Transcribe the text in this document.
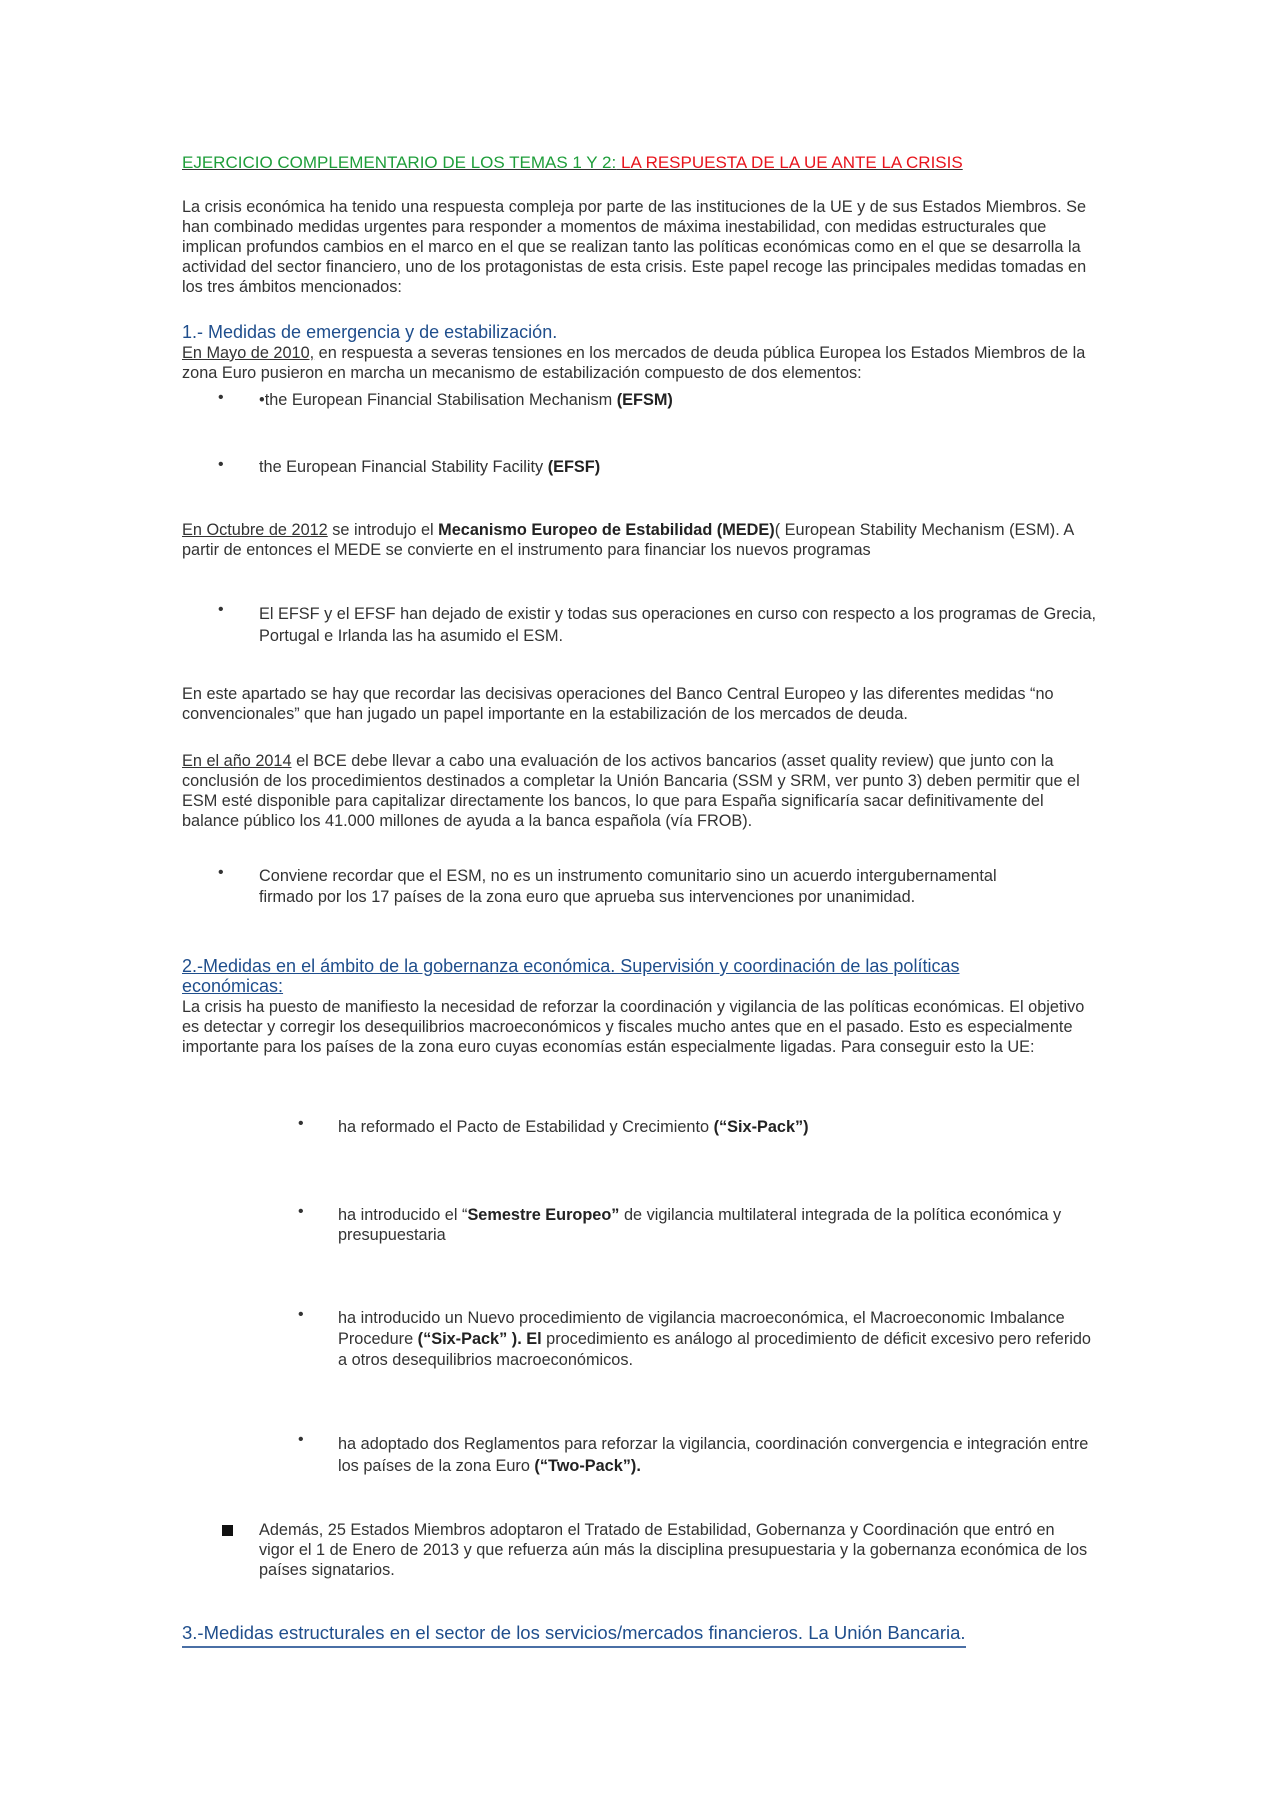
EJERCICIO COMPLEMENTARIO DE LOS TEMAS 1 Y 2: LA RESPUESTA DE LA UE ANTE LA CRISIS

La crisis económica ha tenido una respuesta compleja por parte de las instituciones de la UE y de sus Estados Miembros. Se han combinado medidas urgentes para responder a momentos de máxima inestabilidad, con medidas estructurales que implican profundos cambios en el marco en el que se realizan tanto las políticas económicas como en el que se desarrolla la actividad del sector financiero, uno de los protagonistas de esta crisis. Este papel recoge las principales medidas tomadas en los tres ámbitos mencionados:

1.- Medidas de emergencia y de estabilización.

En Mayo de 2010, en respuesta a severas tensiones en los mercados de deuda pública Europea los Estados Miembros de la zona Euro pusieron en marcha un mecanismo de estabilización compuesto de dos elementos:

• •the European Financial Stabilisation Mechanism (EFSM)
• the European Financial Stability Facility (EFSF)

En Octubre de 2012 se introdujo el Mecanismo Europeo de Estabilidad (MEDE)( European Stability Mechanism (ESM). A partir de entonces el MEDE se convierte en el instrumento para financiar los nuevos programas

• El EFSF y el EFSF han dejado de existir y todas sus operaciones en curso con respecto a los programas de Grecia, Portugal e Irlanda las ha asumido el ESM.

En este apartado se hay que recordar las decisivas operaciones del Banco Central Europeo y las diferentes medidas “no convencionales” que han jugado un papel importante en la estabilización de los mercados de deuda.

En el año 2014 el BCE debe llevar a cabo una evaluación de los activos bancarios (asset quality review) que junto con la conclusión de los procedimientos destinados a completar la Unión Bancaria (SSM y SRM, ver punto 3) deben permitir que el ESM esté disponible para capitalizar directamente los bancos, lo que para España significaría sacar definitivamente del balance público los 41.000 millones de ayuda a la banca española (vía FROB).

• Conviene recordar que el ESM, no es un instrumento comunitario sino un acuerdo intergubernamental firmado por los 17 países de la zona euro que aprueba sus intervenciones por unanimidad.
2.-Medidas en el ámbito de la gobernanza económica. Supervisión y coordinación de las políticas económicas:

La crisis ha puesto de manifiesto la necesidad de reforzar la coordinación y vigilancia de las políticas económicas. El objetivo es detectar y corregir los desequilibrios macroeconómicos y fiscales mucho antes que en el pasado. Esto es especialmente importante para los países de la zona euro cuyas economías están especialmente ligadas. Para conseguir esto la UE:

• ha reformado el Pacto de Estabilidad y Crecimiento (“Six-Pack”)
• ha introducido el “Semestre Europeo” de vigilancia multilateral integrada de la política económica y presupuestaria
• ha introducido un Nuevo procedimiento de vigilancia macroeconómica, el Macroeconomic Imbalance Procedure (“Six-Pack” ). El procedimiento es análogo al procedimiento de déficit excesivo pero referido a otros desequilibrios macroeconómicos.
• ha adoptado dos Reglamentos para reforzar la vigilancia, coordinación convergencia e integración entre los países de la zona Euro (“Two-Pack”).
Además, 25 Estados Miembros adoptaron el Tratado de Estabilidad, Gobernanza y Coordinación que entró en vigor el 1 de Enero de 2013 y que refuerza aún más la disciplina presupuestaria y la gobernanza económica de los países signatarios.
3.-Medidas estructurales en el sector de los servicios/mercados financieros. La Unión Bancaria.
